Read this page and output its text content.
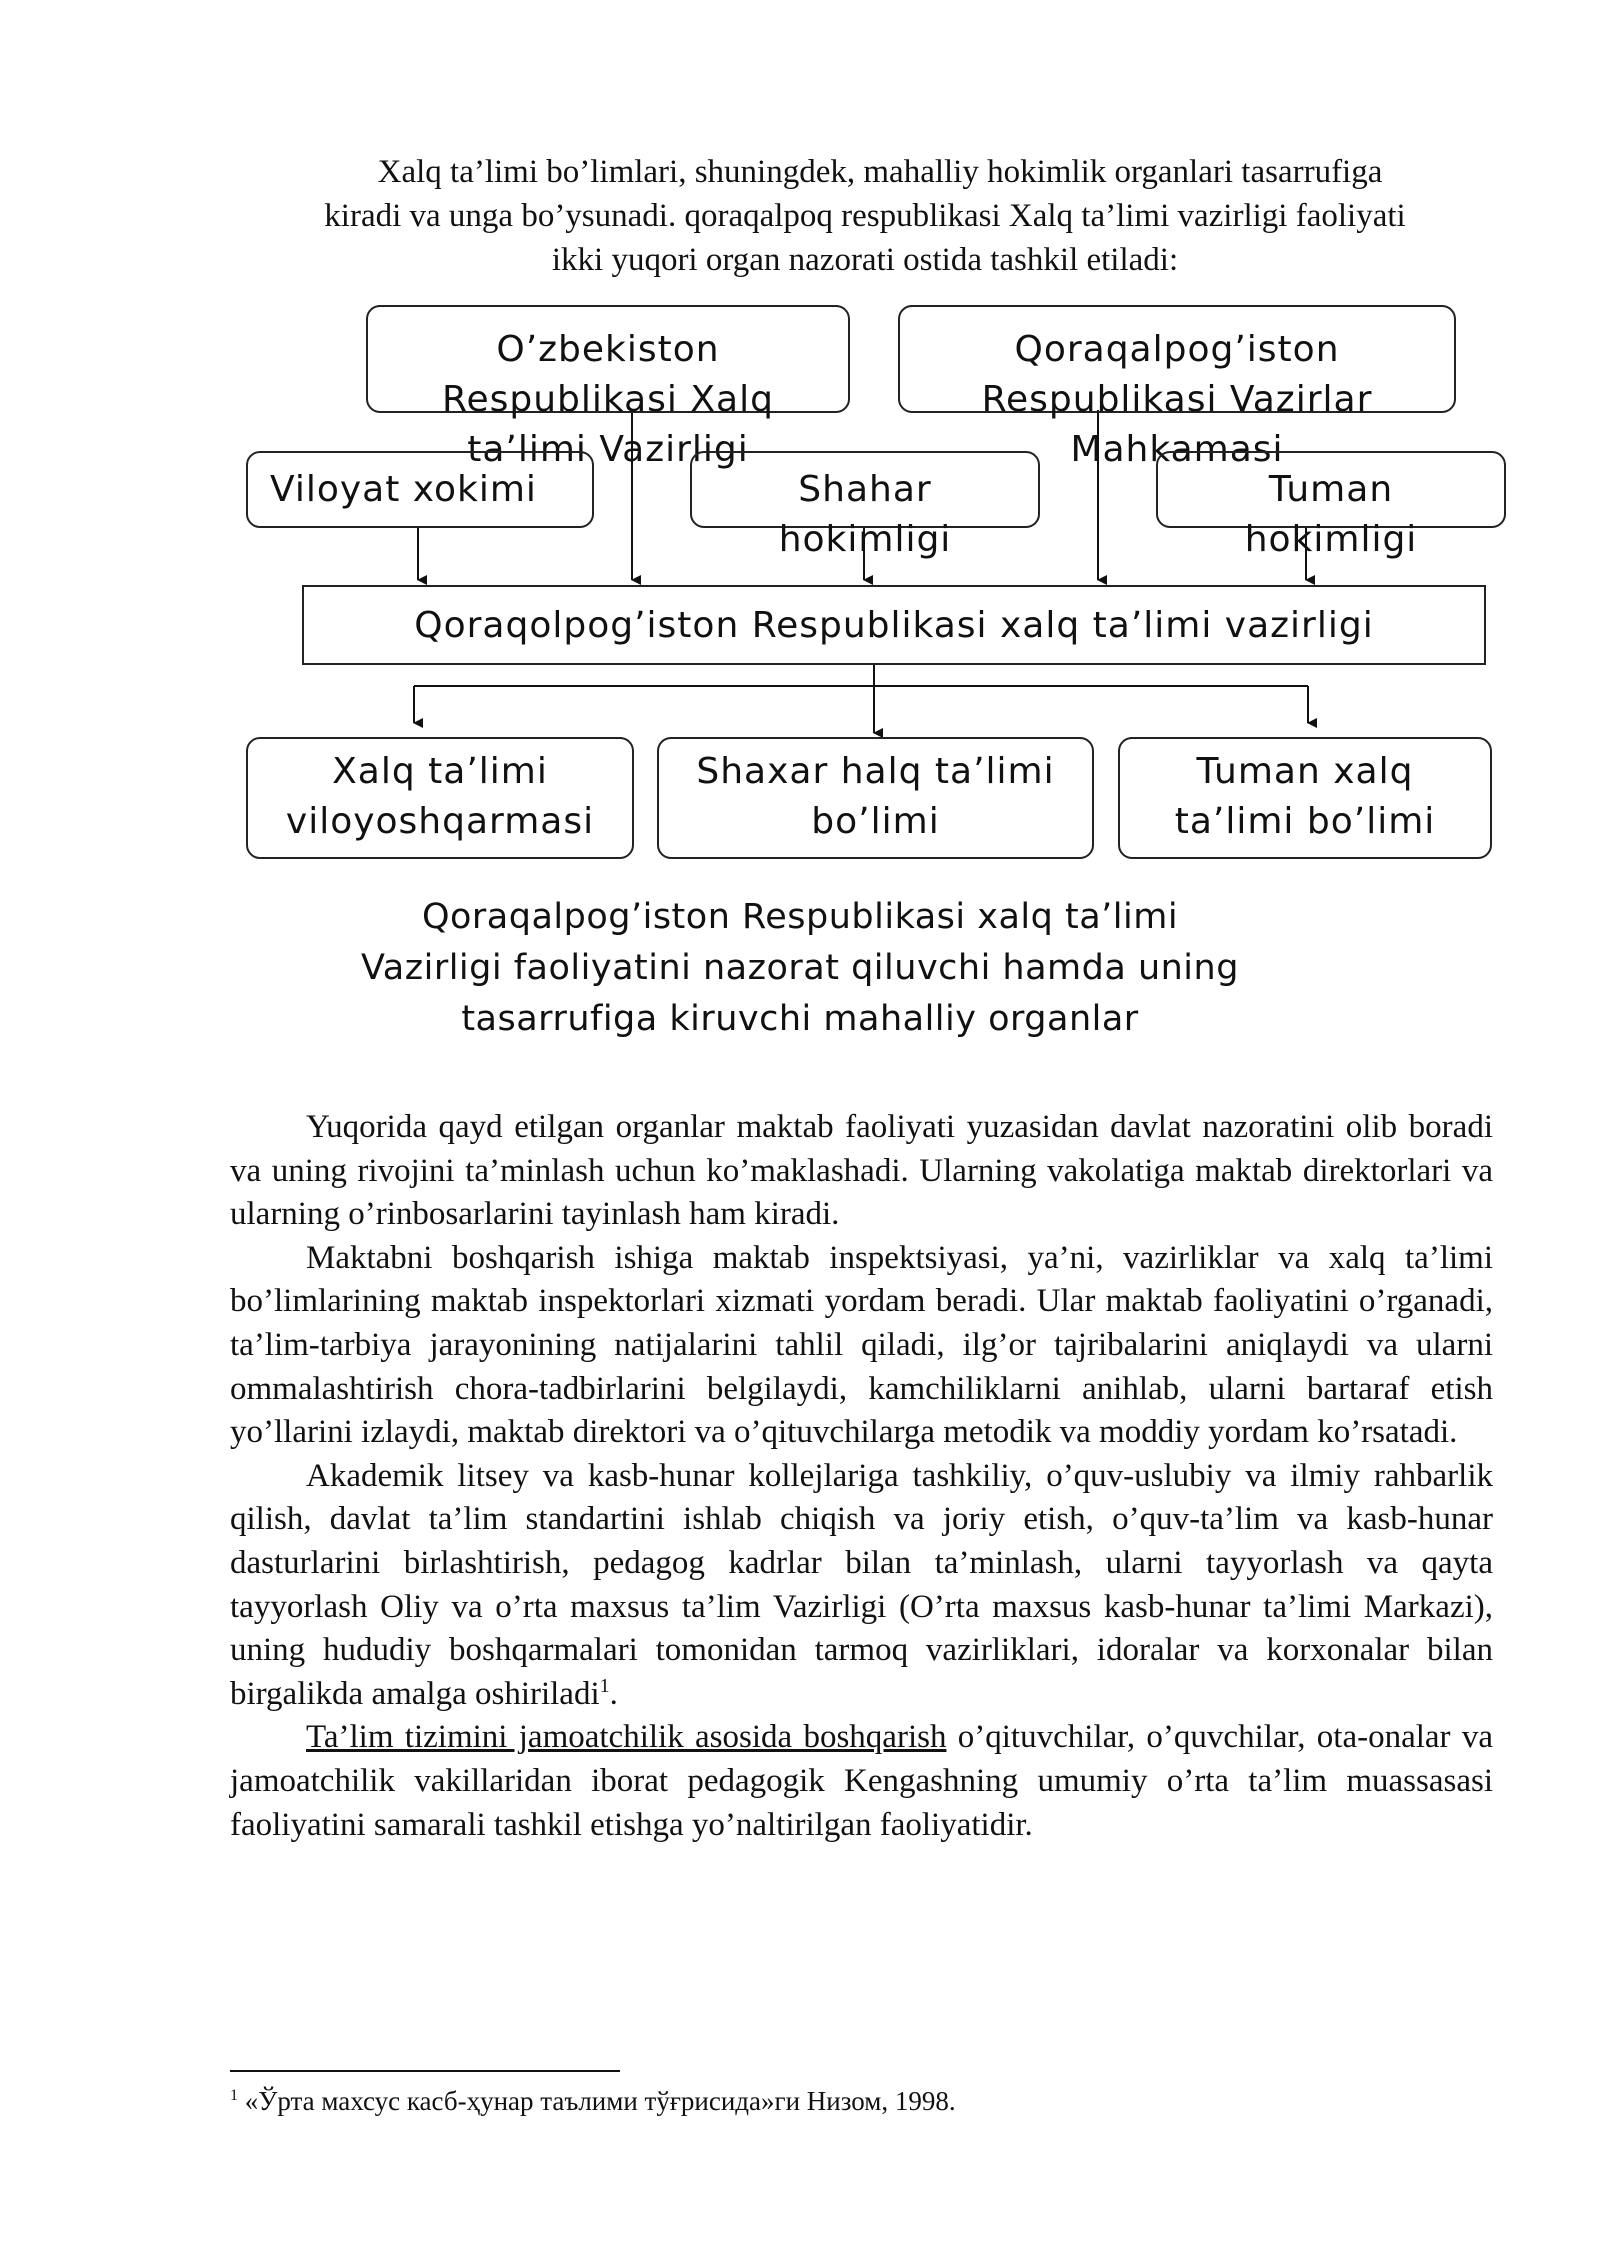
Xalq ta’limi bo’limlari, shuningdek, mahalliy hokimlik organlari tasarrufiga
kiradi va unga bo’ysunadi. qoraqalpoq respublikasi Xalq ta’limi vazirligi faoliyati
ikki yuqori organ nazorati ostida tashkil etiladi:
O’zbekiston Respublikasi Xalq ta’limi Vazirligi
Qoraqalpog’iston Respublikasi Vazirlar Mahkamasi
Viloyat xokimi	Shahar hokimligi
Tuman hokimligi
Qoraqolpog’iston Respublikasi xalq ta’limi vazirligi
Xalq ta’limi viloyoshqarmasi
Shaxar halq ta’limi bo’limi
Tuman xalq ta’limi bo’limi
Qoraqalpog’iston Respublikasi xalq ta’limi Vazirligi faoliyatini nazorat qiluvchi hamda uning tasarrufiga kiruvchi mahalliy organlar

Yuqorida qayd etilgan organlar maktab faoliyati yuzasidan davlat nazoratini olib boradi va uning rivojini ta’minlash uchun ko’maklashadi. Ularning vakolatiga maktab direktorlari va ularning o’rinbosarlarini tayinlash ham kiradi.

Maktabni boshqarish ishiga maktab inspektsiyasi, ya’ni, vazirliklar va xalq ta’limi bo’limlarining maktab inspektorlari xizmati yordam beradi. Ular maktab faoliyatini o’rganadi, ta’lim-tarbiya jarayonining natijalarini tahlil qiladi, ilg’or tajribalarini aniqlaydi va ularni ommalashtirish chora-tadbirlarini belgilaydi, kamchiliklarni anihlab, ularni bartaraf etish yo’llarini izlaydi, maktab direktori va o’qituvchilarga metodik va moddiy yordam ko’rsatadi.

Akademik litsey va kasb-hunar kollejlariga tashkiliy, o’quv-uslubiy va ilmiy rahbarlik qilish, davlat ta’lim standartini ishlab chiqish va joriy etish, o’quv-ta’lim va kasb-hunar dasturlarini birlashtirish, pedagog kadrlar bilan ta’minlash, ularni tayyorlash va qayta tayyorlash Oliy va o’rta maxsus ta’lim Vazirligi (O’rta maxsus kasb-hunar ta’limi Markazi), uning hududiy boshqarmalari tomonidan tarmoq vazirliklari, idoralar va korxonalar bilan birgalikda amalga oshiriladi$^1$.

Ta’lim tizimini jamoatchilik asosida boshqarish o’qituvchilar, o’quvchilar, ota-onalar va jamoatchilik vakillaridan iborat pedagogik Kengashning umumiy o’rta ta’lim muassasasi faoliyatini samarali tashkil etishga yo’naltirilgan faoliyatidir.

$^1$ «Ўрта махсус касб-ҳунар таълими тўғрисида»ги Низом, 1998.
